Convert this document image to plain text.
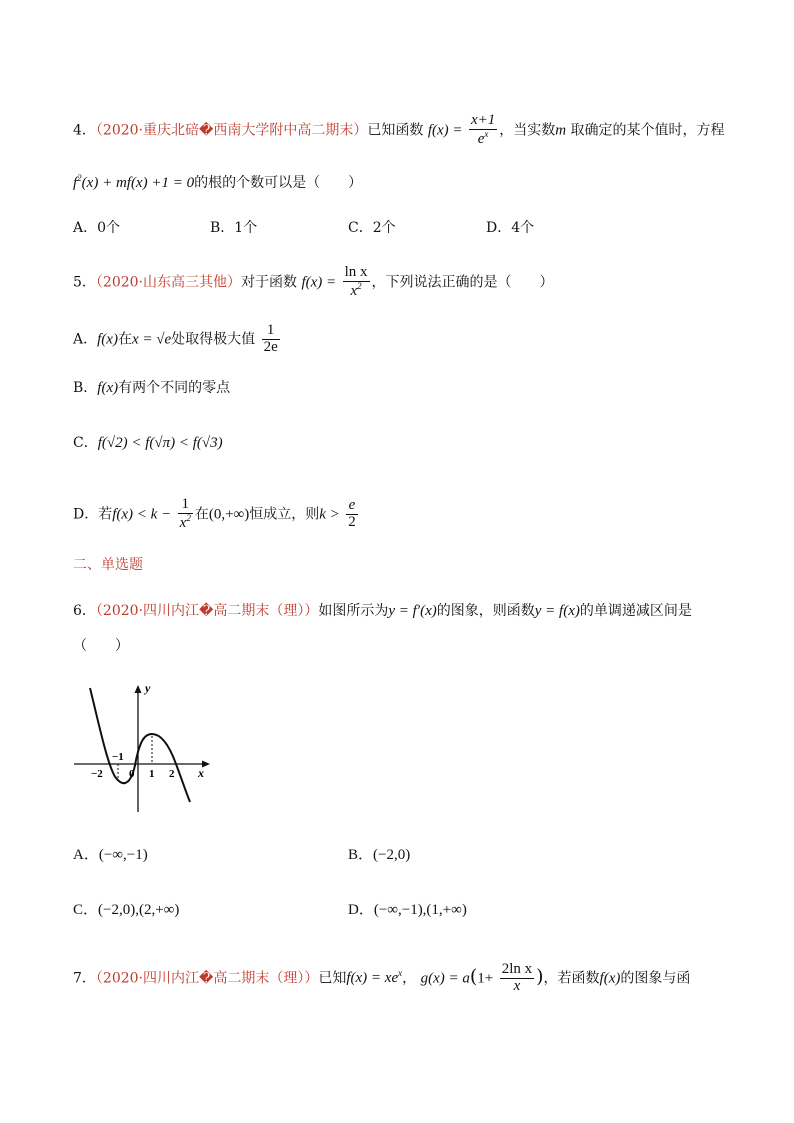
4．（2020·重庆北碚�西南大学附中高二期末）已知函数 $f(x) = \frac{x+1}{e^x}$ ，当实数m 取确定的某个值时，方程
$f^2(x) + mf(x) +1 = 0$的根的个数可以是（　　）
A．0个	B．1个	C．2个	D．4个
5．（2020·山东高三其他）对于函数 $f(x) = \frac{\text{ln x}}{x^2}$ ，下列说法正确的是（　　）
A．f(x)在x = √e处取得极大值 $\frac{1}{2e}$
B．f(x)有两个不同的零点
C．f(√2) < f(√π) < f(√3)
D．若$f(x) < k - \frac{1}{x^2}$ 在(0,+∞)恒成立，则$k > \frac{e}{2}$
二、单选题
6．（2020·四川内江�高二期末（理））如图所示为y = f′(x)的图象，则函数y = f(x)的单调递减区间是
（　　）
y
x
−2
−1
0 1 2
A．(−∞,−1)	B．(−2,0)
C．(−2,0),(2,+∞)	D．(−∞,−1),(1,+∞)
7．（2020·四川内江�高二期末（理））已知$f(x) = xe^x$， $g(x) = a(1+ \frac{\text{2ln x}}{x}$ )，若函数f(x)的图象与函
